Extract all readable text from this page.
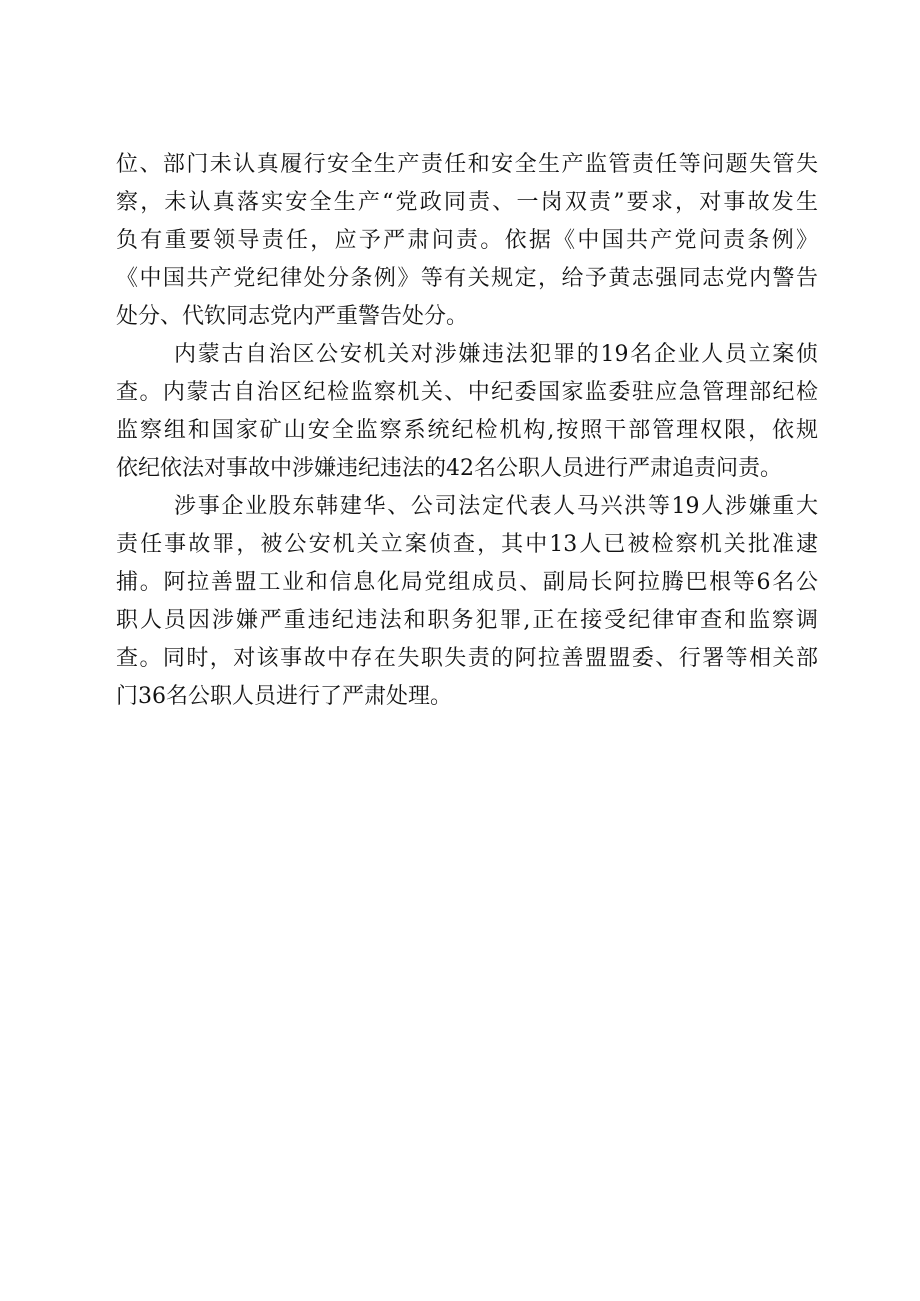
位、部门未认真履行安全生产责任和安全生产监管责任等问题失管失
察，未认真落实安全生产“党政同责、一岗双责”要求，对事故发生
负有重要领导责任，应予严肃问责。依据《中国共产党问责条例》
《中国共产党纪律处分条例》等有关规定，给予黄志强同志党内警告
处分、代钦同志党内严重警告处分。
内蒙古自治区公安机关对涉嫌违法犯罪的19名企业人员立案侦
查。内蒙古自治区纪检监察机关、中纪委国家监委驻应急管理部纪检
监察组和国家矿山安全监察系统纪检机构,按照干部管理权限，依规
依纪依法对事故中涉嫌违纪违法的42名公职人员进行严肃追责问责。
涉事企业股东韩建华、公司法定代表人马兴洪等19人涉嫌重大
责任事故罪，被公安机关立案侦查，其中13人已被检察机关批准逮
捕。阿拉善盟工业和信息化局党组成员、副局长阿拉腾巴根等6名公
职人员因涉嫌严重违纪违法和职务犯罪,正在接受纪律审查和监察调
查。同时，对该事故中存在失职失责的阿拉善盟盟委、行署等相关部
门36名公职人员进行了严肃处理。
